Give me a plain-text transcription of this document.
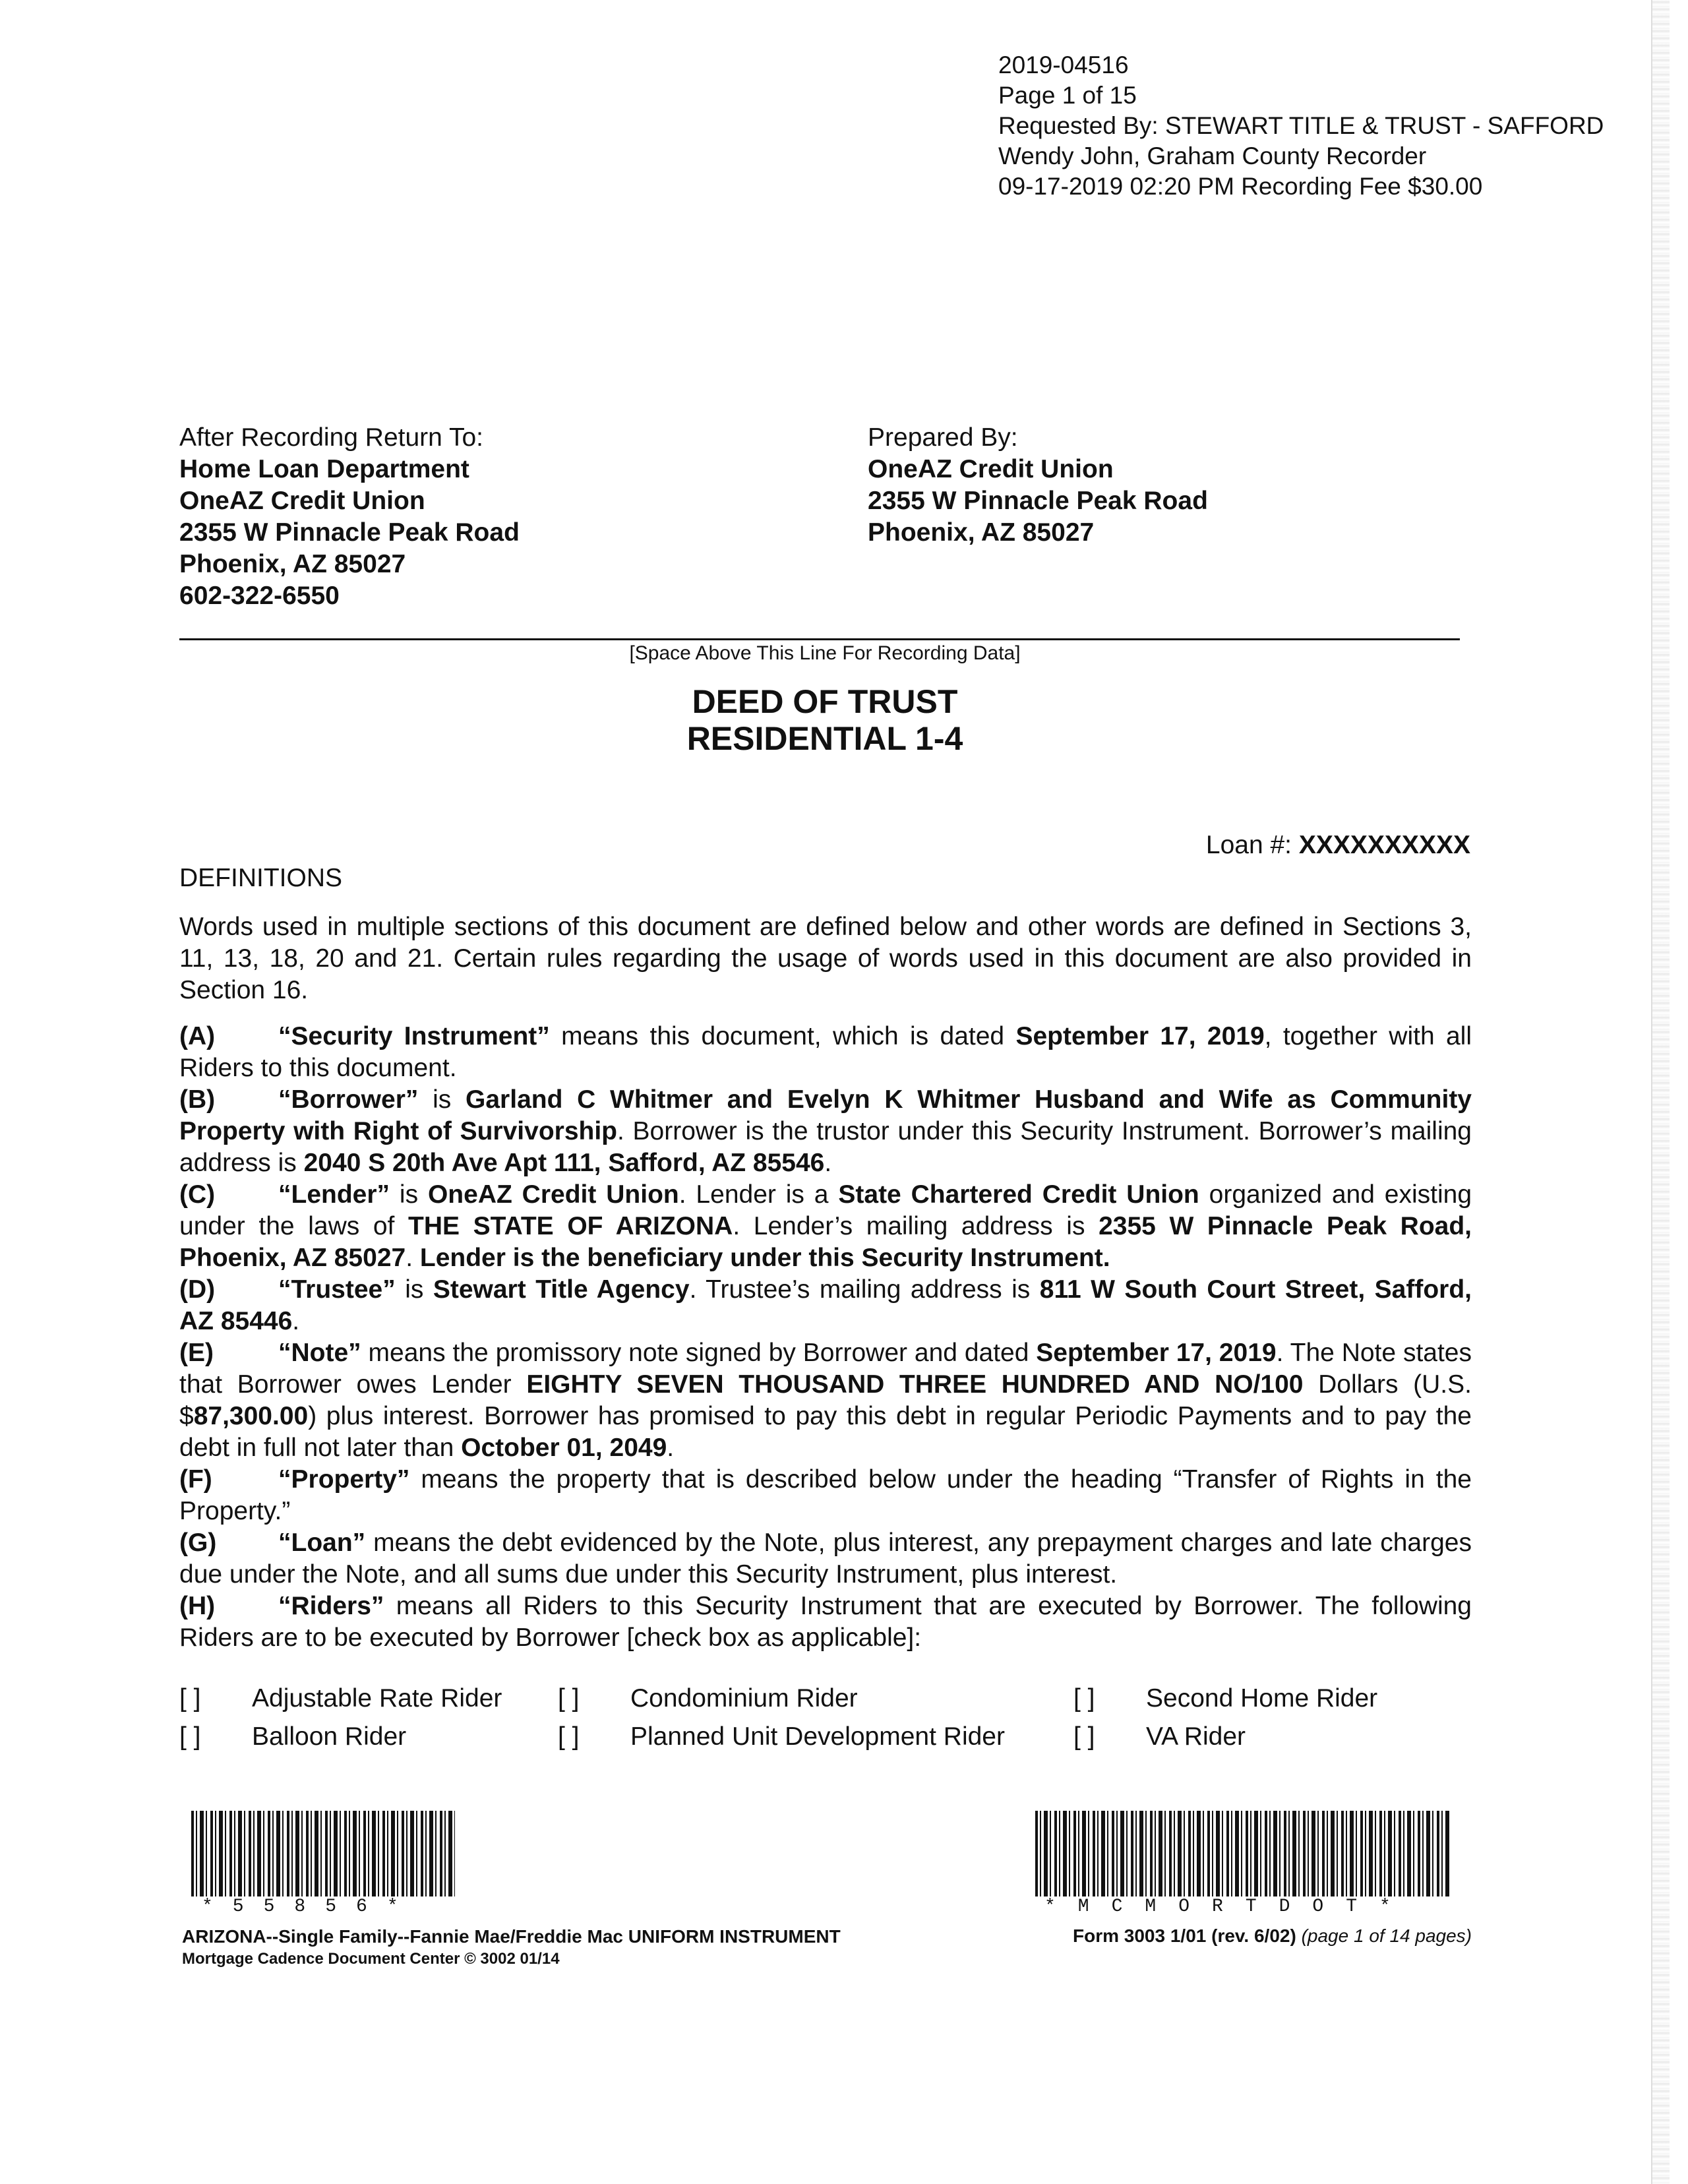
2019-04516
Page 1 of 15
Requested By: STEWART TITLE & TRUST - SAFFORD
Wendy John, Graham County Recorder
09-17-2019 02:20 PM Recording Fee $30.00
After Recording Return To:
Home Loan Department
OneAZ Credit Union
2355 W Pinnacle Peak Road
Phoenix, AZ 85027
602-322-6550
Prepared By:
OneAZ Credit Union
2355 W Pinnacle Peak Road
Phoenix, AZ 85027
[Space Above This Line For Recording Data]
DEED OF TRUST
RESIDENTIAL 1-4
Loan #: XXXXXXXXXX
DEFINITIONS

Words used in multiple sections of this document are defined below and other words are defined in Sections 3, 11, 13, 18, 20 and 21. Certain rules regarding the usage of words used in this document are also provided in Section 16.

(A) “Security Instrument” means this document, which is dated September 17, 2019, together with all Riders to this document.
(B) “Borrower” is Garland C Whitmer and Evelyn K Whitmer Husband and Wife as Community Property with Right of Survivorship. Borrower is the trustor under this Security Instrument. Borrower’s mailing address is 2040 S 20th Ave Apt 111, Safford, AZ 85546.
(C) “Lender” is OneAZ Credit Union. Lender is a State Chartered Credit Union organized and existing under the laws of THE STATE OF ARIZONA. Lender’s mailing address is 2355 W Pinnacle Peak Road, Phoenix, AZ 85027. Lender is the beneficiary under this Security Instrument.
(D) “Trustee” is Stewart Title Agency. Trustee’s mailing address is 811 W South Court Street, Safford, AZ 85446.
(E)	“Note” means the promissory note signed by Borrower and dated September 17, 2019. The Note states that Borrower owes Lender EIGHTY SEVEN THOUSAND THREE HUNDRED AND NO/100 Dollars (U.S. $87,300.00) plus interest. Borrower has promised to pay this debt in regular Periodic Payments and to pay the debt in full not later than October 01, 2049.
(F)	“Property” means the property that is described below under the heading “Transfer of Rights in the Property.”
(G) “Loan” means the debt evidenced by the Note, plus interest, any prepayment charges and late charges due under the Note, and all sums due under this Security Instrument, plus interest.
(H) “Riders” means all Riders to this Security Instrument that are executed by Borrower. The following Riders are to be executed by Borrower [check box as applicable]:
[ ] Adjustable Rate Rider [ ] Condominium Rider	[ ] Second Home Rider
[ ] Balloon Rider	[ ] Planned Unit Development Rider	[ ] VA Rider
*55856*	*MCMORTDOT*
ARIZONA--Single Family--Fannie Mae/Freddie Mac UNIFORM INSTRUMENT
Mortgage Cadence Document Center © 3002 01/14
Form 3003 1/01 (rev. 6/02) (page 1 of 14 pages)
